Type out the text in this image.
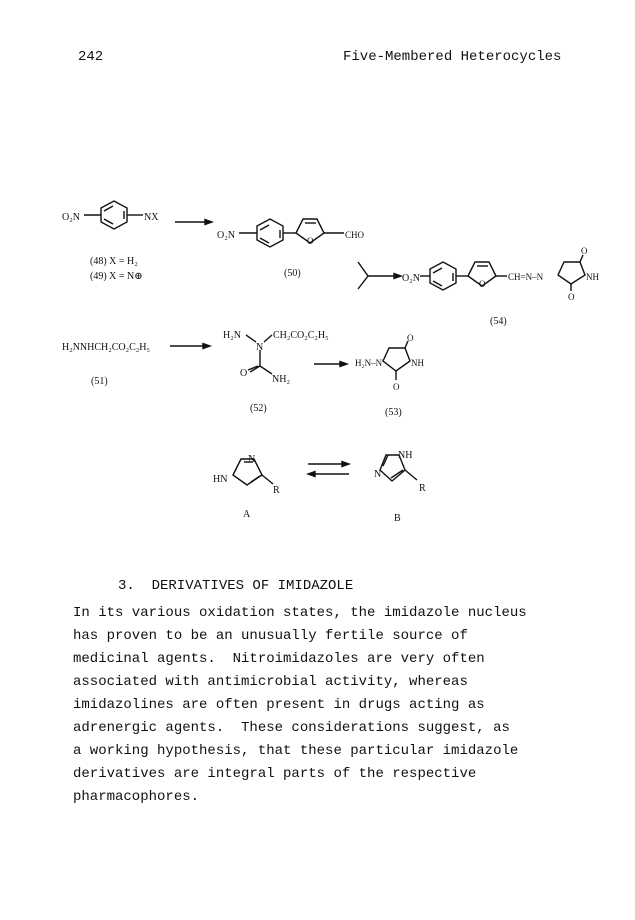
242	Five-Membered Heterocycles
O₂N	NX
(48) X = H₂
(49) X = N⊕
O₂N	O
CHO
(50)	O₂N	O
CH=N–N	NH
O
O
(54)
H₂NNHCH₂CO₂C₂H₅
(51)
H₂N
N
CH₂CO₂C₂H₅
O
NH₂
(52)
H₂N–N	NH
O
O
(53)
N
HN
R
A
NH
N
R
B
3.  DERIVATIVES OF IMIDAZOLE
In its various oxidation states, the imidazole nucleus
has proven to be an unusually fertile source of
medicinal agents.  Nitroimidazoles are very often
associated with antimicrobial activity, whereas
imidazolines are often present in drugs acting as
adrenergic agents.  These considerations suggest, as
a working hypothesis, that these particular imidazole
derivatives are integral parts of the respective
pharmacophores.
